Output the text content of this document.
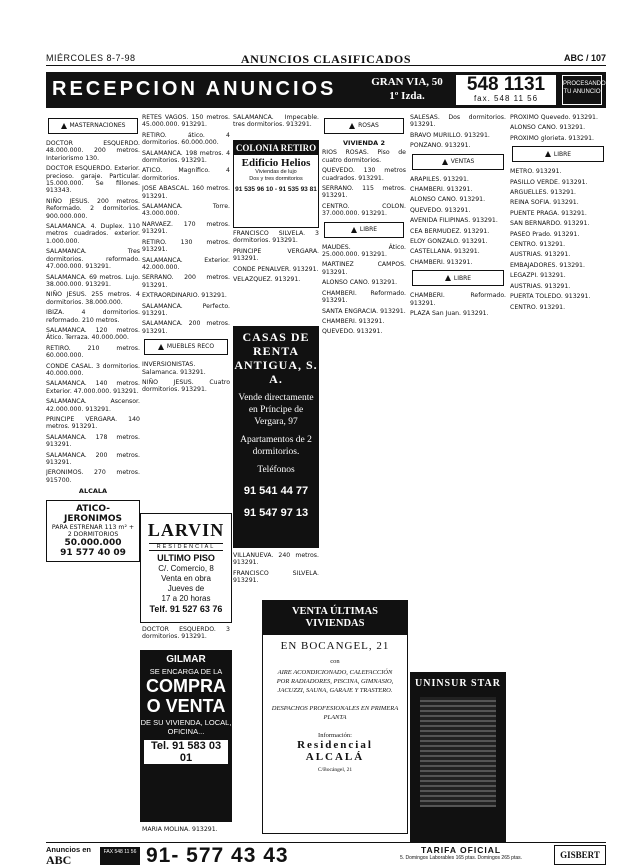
MIÉRCOLES 8-7-98	ANUNCIOS CLASIFICADOS	ABC / 107
RECEPCION ANUNCIOS	GRAN VIA, 50
1º Izda.
548 1131
fax. 548 11 56
PROCESANDO TU ANUNCIO
MASTERNACIONES
DOCTOR ESQUERDO. 48.000.000. 200 metros. Interiorismo 130.
DOCTOR ESQUERDO. Exterior. precioso. garaje. Particular. 15.000.000. Se fillones. 913343.
NIÑO JESUS. 200 metros. Reformado. 2 dormitorios. 900.000.000.
SALAMANCA. 4. Duplex. 110 metros cuadrados. exterior. 1.000.000.
SALAMANCA. Tres dormitorios. reformado. 47.000.000. 913291.
SALAMANCA. 69 metros. Lujo. 38.000.000. 913291.
NIÑO JESUS. 255 metros. 4 dormitorios. 38.000.000.
IBIZA. 4 dormitorios. reformado. 210 metros.
SALAMANCA. 120 metros. Ático. Terraza. 40.000.000.
RETIRO. 210 metros. 60.000.000.
CONDE CASAL. 3 dormitorios. 40.000.000.
SALAMANCA. 140 metros. Exterior. 47.000.000. 913291.
SALAMANCA. Ascensor. 42.000.000. 913291.
PRINCIPE VERGARA. 140 metros. 913291.
SALAMANCA. 178 metros. 913291.
SALAMANCA. 200 metros. 913291.
JERONIMOS. 270 metros. 915700.
ALCALA
ATICO-JERONIMOS
PARA ESTRENAR 113 m² + 2 DORMITORIOS
50.000.000
91 577 40 09
RETES VAGOS. 150 metros. 45.000.000. 913291.
RETIRO. ático. 4 dormitorios. 60.000.000.
SALAMANCA. 198 metros. 4 dormitorios. 913291.
ATICO. Magnífico. 4 dormitorios.
JOSE ABASCAL. 160 metros. 913291.
SALAMANCA. Torre. 43.000.000.
NARVAEZ. 170 metros. 913291.
RETIRO. 130 metros. 913291.
SALAMANCA. Exterior. 42.000.000.
SERRANO. 200 metros. 913291.
EXTRAORDINARIO. 913291.
SALAMANCA. Perfecto. 913291.
SALAMANCA. 200 metros. 913291.
MUEBLES RECO
INVERSIONISTAS. Salamanca. 913291.
NIÑO JESUS. Cuatro dormitorios. 913291.
LARVIN
RESIDENCIAL
ULTIMO PISO
C/. Comercio, 8
Venta en obra
Jueves de
17 a 20 horas
Telf. 91 527 63 76
DOCTOR ESQUERDO. 3 dormitorios. 913291.
GILMAR
SE ENCARGA DE LA
COMPRA
O VENTA
DE SU VIVIENDA, LOCAL, OFICINA...
Tel. 91 583 03 01
MARIA MOLINA. 913291.
SALAMANCA. Impecable. tres dormitorios. 913291.
COLONIA RETIRO
Edificio Helios
Viviendas de lujo
Dos y tres dormitorios
91 535 96 10 - 91 535 93 81
FRANCISCO SILVELA. 3 dormitorios. 913291.
PRINCIPE VERGARA. 913291.
CONDE PENALVER. 913291.
VELAZQUEZ. 913291.
CASAS DE RENTA ANTIGUA, S. A.
Vende directamente en Príncipe de Vergara, 97
Apartamentos de 2 dormitorios.
Teléfonos
91 541 44 77
91 547 97 13
VILLANUEVA. 240 metros. 913291.
FRANCISCO SILVELA. 913291.
ROSAS
VIVIENDA 2
RIOS ROSAS. Piso de cuatro dormitorios.
QUEVEDO. 130 metros cuadrados. 913291.
SERRANO. 115 metros. 913291.
CENTRO. COLON. 37.000.000. 913291.
LIBRE
MAUDES. Ático. 25.000.000. 913291.
MARTINEZ CAMPOS. 913291.
ALONSO CANO. 913291.
CHAMBERI. Reformado. 913291.
SANTA ENGRACIA. 913291.
CHAMBERI. 913291.
QUEVEDO. 913291.
VENTA ÚLTIMAS VIVIENDAS
EN BOCANGEL, 21
con
AIRE ACONDICIONADO, CALEFACCIÓN POR RADIADORES, PISCINA, GIMNASIO, JACUZZI, SAUNA, GARAJE Y TRASTERO.
DESPACHOS PROFESIONALES EN PRIMERA PLANTA
Información:
Residencial
ALCALÁ
C/Bocángel, 21
SALESAS. Dos dormitorios. 913291.
BRAVO MURILLO. 913291.
PONZANO. 913291.
VENTAS
ARAPILES. 913291.
CHAMBERI. 913291.
ALONSO CANO. 913291.
QUEVEDO. 913291.
AVENIDA FILIPINAS. 913291.
CEA BERMUDEZ. 913291.
ELOY GONZALO. 913291.
CASTELLANA. 913291.
CHAMBERI. 913291.
LIBRE
CHAMBERI. Reformado. 913291.
PLAZA San Juan. 913291.
UNINSUR STAR
PROXIMO Quevedo. 913291.
ALONSO CANO. 913291.
PROXIMO glorieta. 913291.
LIBRE
METRO. 913291.
PASILLO VERDE. 913291.
ARGUELLES. 913291.
REINA SOFIA. 913291.
PUENTE PRAGA. 913291.
SAN BERNARDO. 913291.
PASEO Prado. 913291.
CENTRO. 913291.
AUSTRIAS. 913291.
EMBAJADORES. 913291.
LEGAZPI. 913291.
AUSTRIAS. 913291.
PUERTA TOLEDO. 913291.
CENTRO. 913291.
Anuncios en
ABC
FAX 548 11 56 91- 577 43 43	TARIFA OFICIAL
5. Domingos Laborables 165 ptas. Domingos 265 ptas.	GISBERT
